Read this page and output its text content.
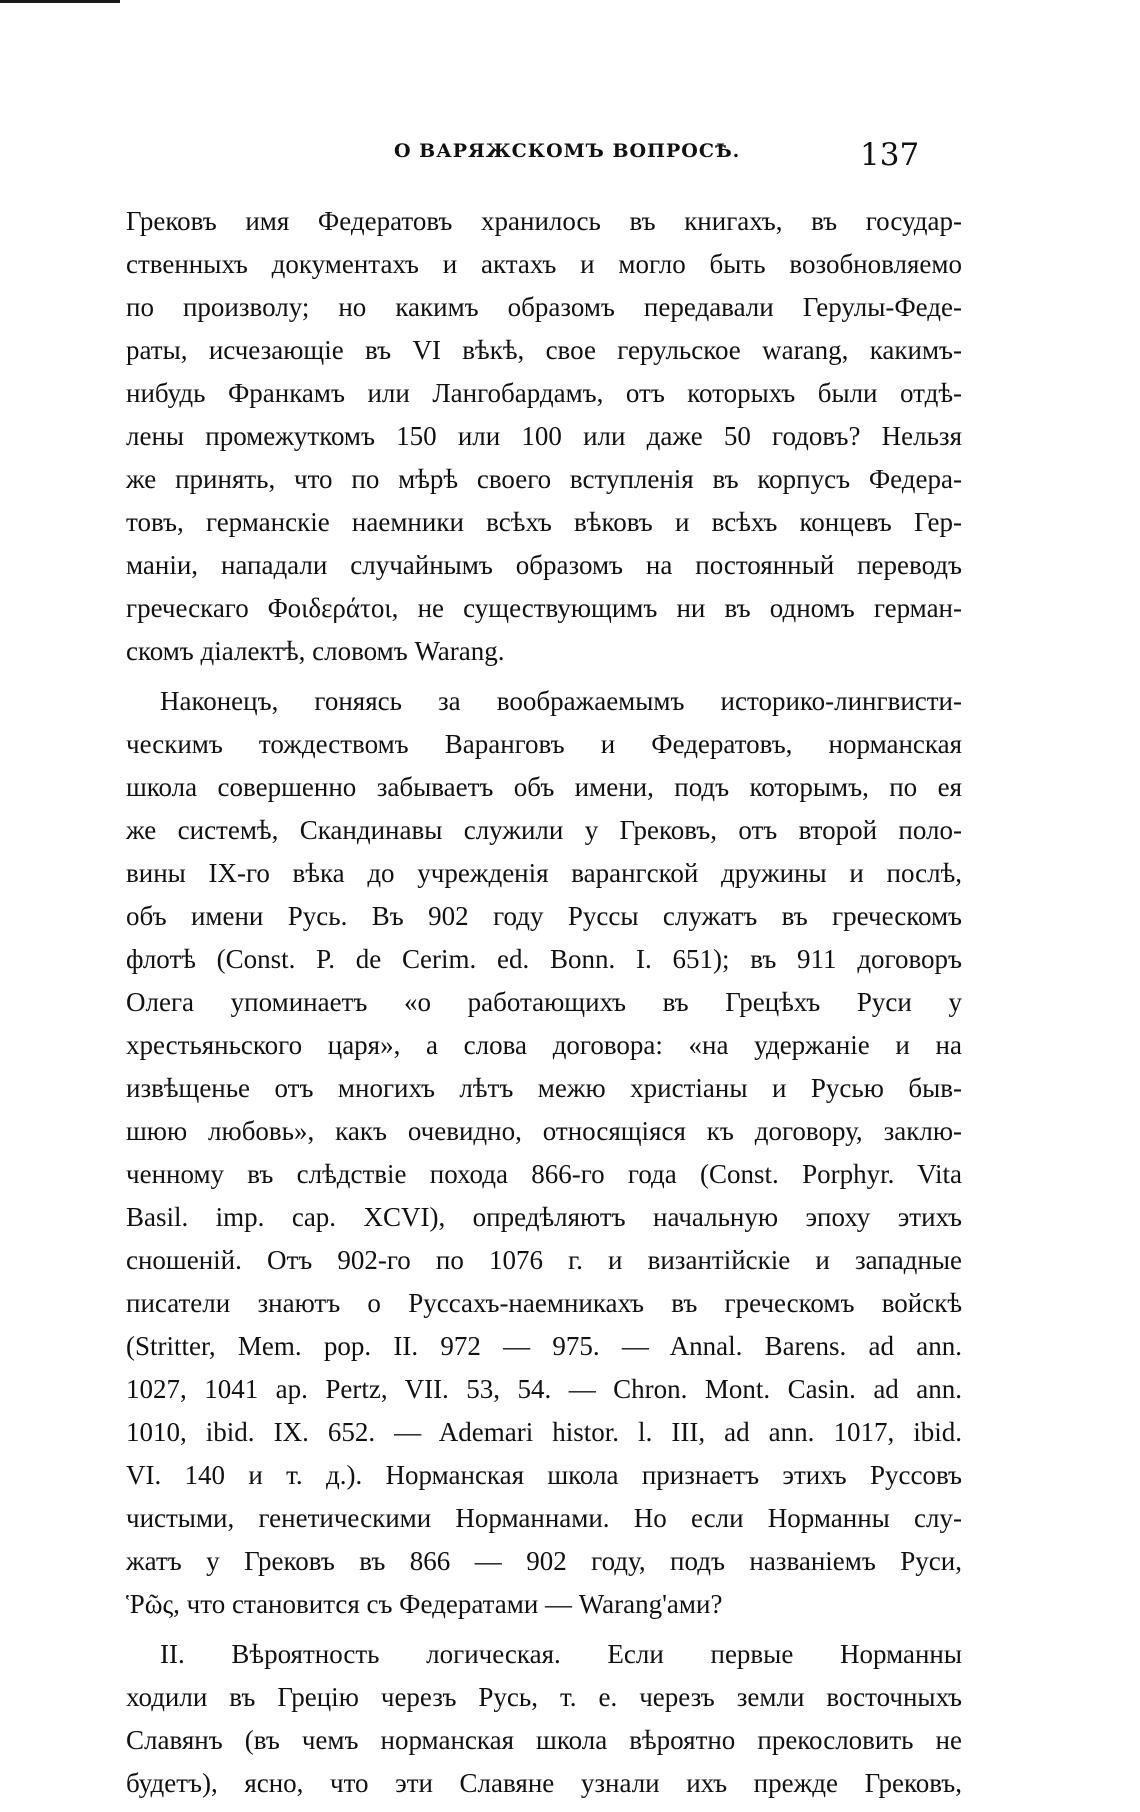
О ВАРЯЖСКОМЪ ВОПРОСѢ.	137
Грековъ имя Федератовъ хранилось въ книгахъ, въ государ-
ственныхъ документахъ и актахъ и могло быть возобновляемо
по произволу; но какимъ образомъ передавали Герулы-Феде-
раты, исчезающіе въ VI вѣкѣ, свое герульское warang, какимъ-
нибудь Франкамъ или Лангобардамъ, отъ которыхъ были отдѣ-
лены промежуткомъ 150 или 100 или даже 50 годовъ? Нельзя
же принять, что по мѣрѣ своего вступленія въ корпусъ Федера-
товъ, германскіе наемники всѣхъ вѣковъ и всѣхъ концевъ Гер-
маніи, нападали случайнымъ образомъ на постоянный переводъ
греческаго Φοιδεράτοι, не существующимъ ни въ одномъ герман-
скомъ діалектѣ, словомъ Warang.
Наконецъ, гоняясь за воображаемымъ историко-лингвисти-
ческимъ тождествомъ Варанговъ и Федератовъ, норманская
школа совершенно забываетъ объ имени, подъ которымъ, по ея
же системѣ, Скандинавы служили у Грековъ, отъ второй поло-
вины IX-го вѣка до учрежденія варангской дружины и послѣ,
объ имени Русь. Въ 902 году Руссы служатъ въ греческомъ
флотѣ (Const. P. de Cerim. ed. Bonn. I. 651); въ 911 договоръ
Олега упоминаетъ «о работающихъ въ Грецѣхъ Руси у
хрестьяньского царя», а слова договора: «на удержаніе и на
извѣщенье отъ многихъ лѣтъ межю христіаны и Русью быв-
шюю любовь», какъ очевидно, относящіяся къ договору, заклю-
ченному въ слѣдствіе похода 866-го года (Const. Porphyr. Vita
Basil. imp. cap. XCVI), опредѣляютъ начальную эпоху этихъ
сношеній. Отъ 902-го по 1076 г. и византійскіе и западные
писатели знаютъ о Руссахъ-наемникахъ въ греческомъ войскѣ
(Stritter, Mem. pop. II. 972 — 975. — Annal. Barens. ad ann.
1027, 1041 ap. Pertz, VII. 53, 54. — Chron. Mont. Casin. ad ann.
1010, ibid. IX. 652. — Ademari histor. l. III, ad ann. 1017, ibid.
VI. 140 и т. д.). Норманская школа признаетъ этихъ Руссовъ
чистыми, генетическими Норманнами. Но если Норманны слу-
жатъ у Грековъ въ 866 — 902 году, подъ названіемъ Руси,
Ῥῶς, что становится съ Федератами — Warang'ами?
II. Вѣроятность логическая. Если первые Норманны
ходили въ Грецію черезъ Русь, т. е. черезъ земли восточныхъ
Славянъ (въ чемъ норманская школа вѣроятно прекословить не
будетъ), ясно, что эти Славяне узнали ихъ прежде Грековъ,
